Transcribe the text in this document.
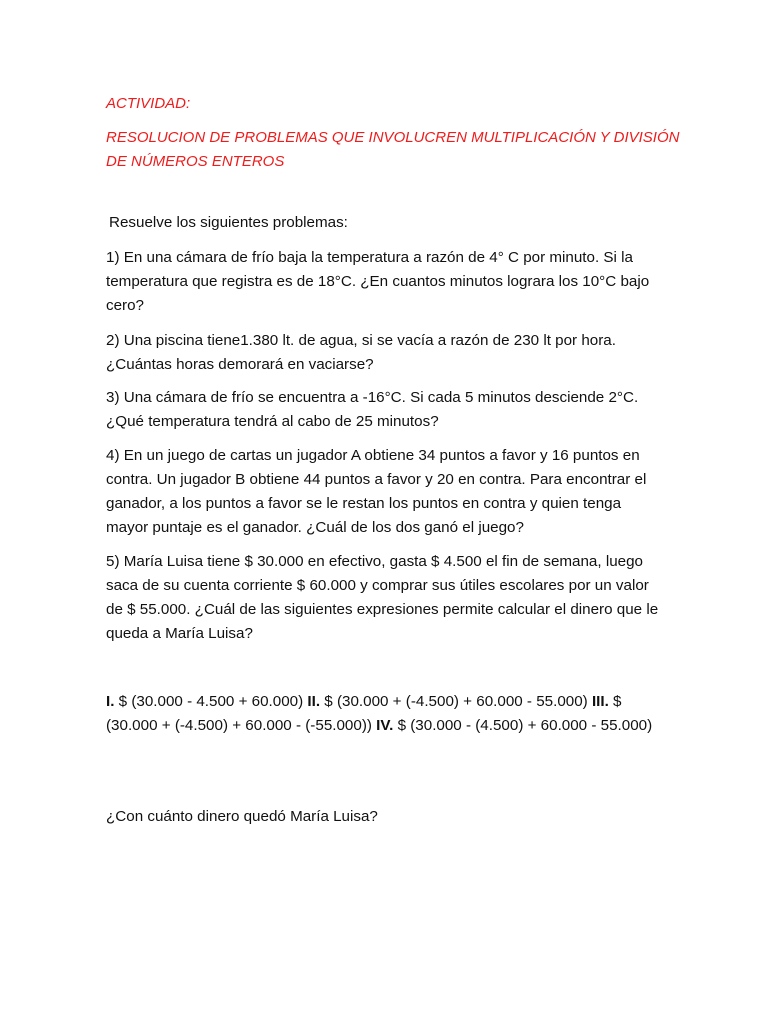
ACTIVIDAD:

RESOLUCION DE PROBLEMAS QUE INVOLUCREN MULTIPLICACIÓN Y DIVISIÓN DE NÚMEROS ENTEROS

Resuelve los siguientes problemas:

1) En una cámara de frío baja la temperatura a razón de 4° C por minuto. Si la temperatura que registra es de 18°C. ¿En cuantos minutos lograra los 10°C bajo cero?

2) Una piscina tiene1.380 lt. de agua, si se vacía a razón de 230 lt por hora. ¿Cuántas horas demorará en vaciarse?

3) Una cámara de frío se encuentra a -16°C. Si cada 5 minutos desciende 2°C. ¿Qué temperatura tendrá al cabo de 25 minutos?

4) En un juego de cartas un jugador A obtiene 34 puntos a favor y 16 puntos en contra. Un jugador B obtiene 44 puntos a favor y 20 en contra. Para encontrar el ganador, a los puntos a favor se le restan los puntos en contra y quien tenga mayor puntaje es el ganador. ¿Cuál de los dos ganó el juego?

5) María Luisa tiene $ 30.000 en efectivo, gasta $ 4.500 el fin de semana, luego saca de su cuenta corriente $ 60.000 y comprar sus útiles escolares por un valor de $ 55.000. ¿Cuál de las siguientes expresiones permite calcular el dinero que le queda a María Luisa?

I. $ (30.000 - 4.500 + 60.000) II. $ (30.000 + (-4.500) + 60.000 - 55.000) III. $ (30.000 + (-4.500) + 60.000 - (-55.000)) IV. $ (30.000 - (4.500) + 60.000 - 55.000)

¿Con cuánto dinero quedó María Luisa?
